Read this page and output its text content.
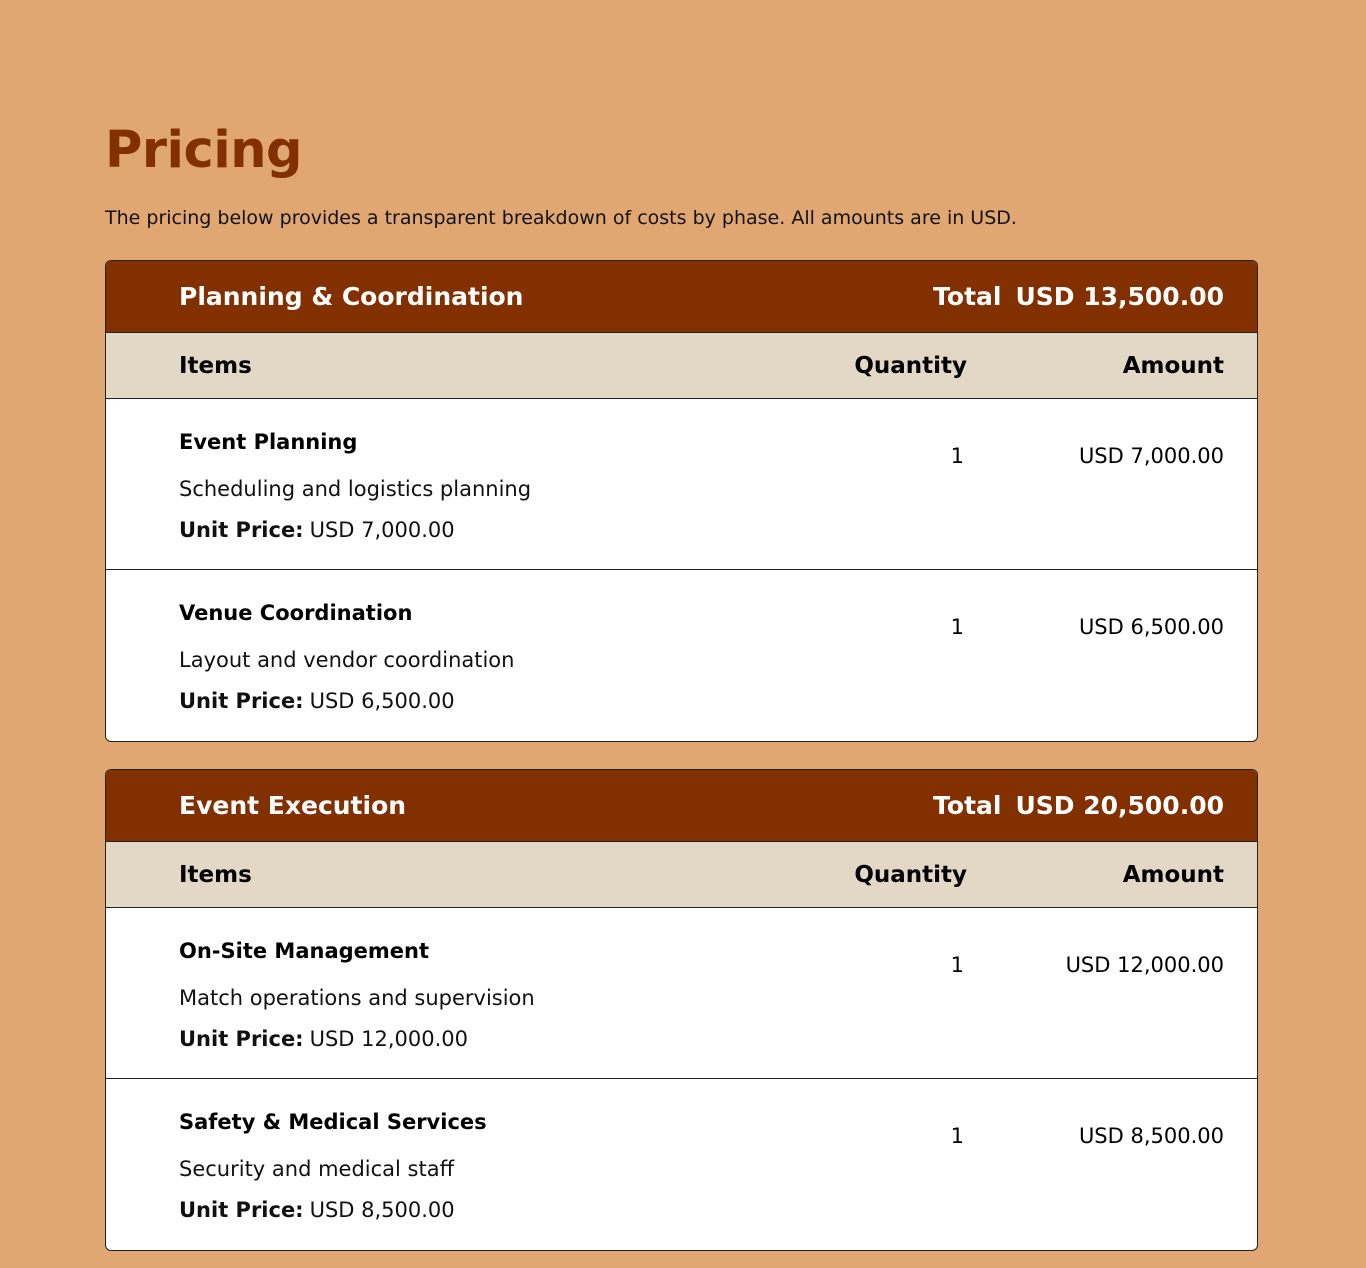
Pricing

The pricing below provides a transparent breakdown of costs by phase. All amounts are in USD.

Planning & Coordination	Total USD 13,500.00
Items	Quantity	Amount
Event Planning
Scheduling and logistics planning
Unit Price: USD 7,000.00
1	USD 7,000.00
Venue Coordination
Layout and vendor coordination
Unit Price: USD 6,500.00
1	USD 6,500.00
Event Execution	Total USD 20,500.00
Items	Quantity	Amount
On-Site Management
Match operations and supervision
Unit Price: USD 12,000.00
1	USD 12,000.00
Safety & Medical Services
Security and medical staff
Unit Price: USD 8,500.00
1	USD 8,500.00
